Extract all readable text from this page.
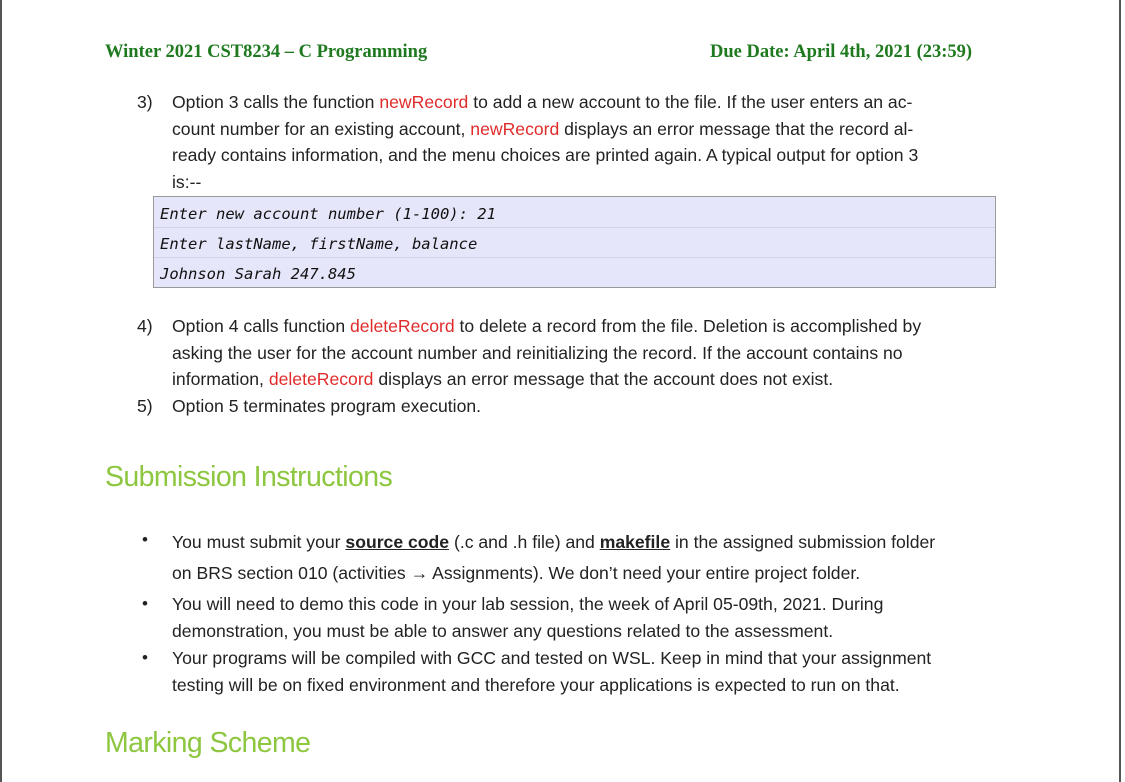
Winter 2021 CST8234 – C Programming	Due Date: April 4th, 2021 (23:59)
3) Option 3 calls the function newRecord to add a new account to the file. If the user enters an ac-
count number for an existing account, newRecord displays an error message that the record al-
ready contains information, and the menu choices are printed again. A typical output for option 3
is:--
Enter new account number (1-100): 21
Enter lastName, firstName, balance
Johnson Sarah 247.845
4) Option 4 calls function deleteRecord to delete a record from the file. Deletion is accomplished by
asking the user for the account number and reinitializing the record. If the account contains no
information, deleteRecord displays an error message that the account does not exist.
5) Option 5 terminates program execution.
Submission Instructions
• You must submit your source code (.c and .h file) and makefile in the assigned submission folder
on BRS section 010 (activities → Assignments). We don’t need your entire project folder.
• You will need to demo this code in your lab session, the week of April 05-09th, 2021. During
demonstration, you must be able to answer any questions related to the assessment.
• Your programs will be compiled with GCC and tested on WSL. Keep in mind that your assignment
testing will be on fixed environment and therefore your applications is expected to run on that.
Marking Scheme
